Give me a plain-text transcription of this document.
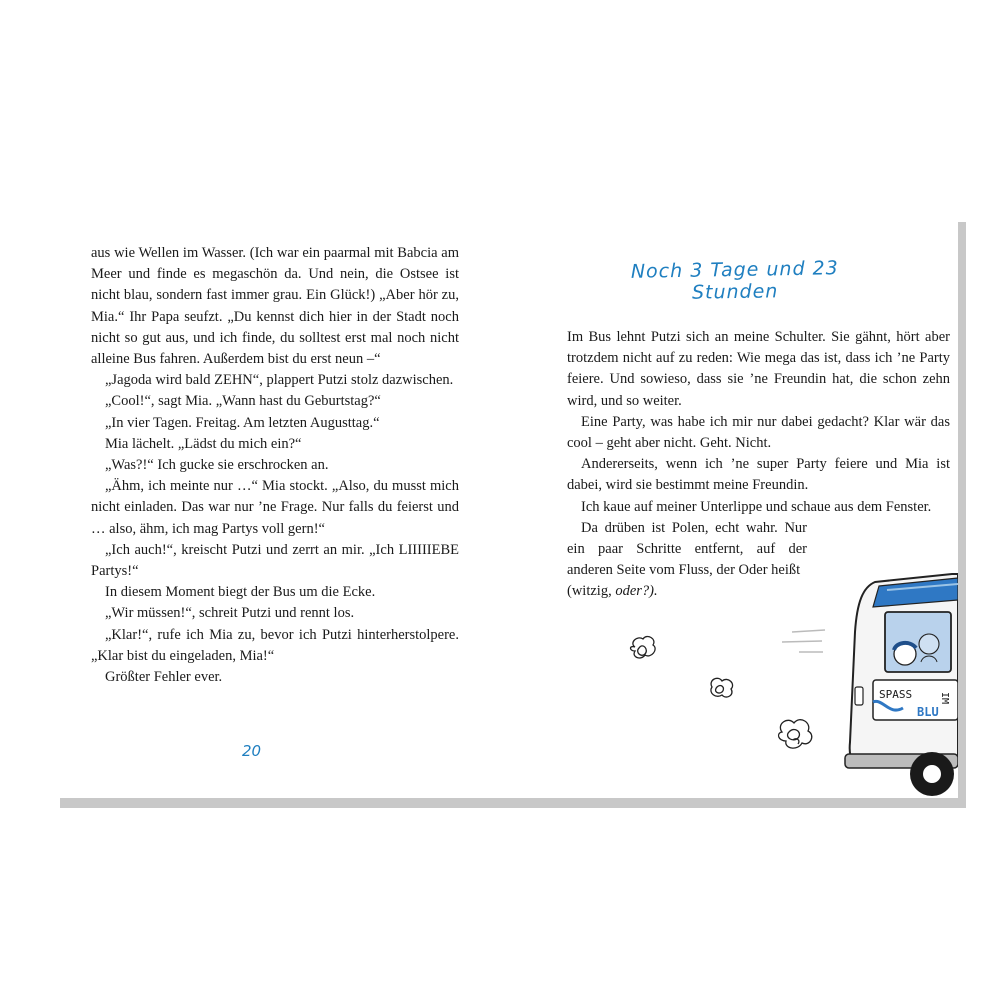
aus wie Wellen im Wasser. (Ich war ein paarmal mit Babcia am Meer und finde es megaschön da. Und nein, die Ostsee ist nicht blau, sondern fast immer grau. Ein Glück!) „Aber hör zu, Mia.“ Ihr Papa seufzt. „Du kennst dich hier in der Stadt noch nicht so gut aus, und ich finde, du solltest erst mal noch nicht alleine Bus fahren. Außerdem bist du erst neun –“

„Jagoda wird bald ZEHN“, plappert Putzi stolz dazwischen.

„Cool!“, sagt Mia. „Wann hast du Geburtstag?“

„In vier Tagen. Freitag. Am letzten Augusttag.“

Mia lächelt. „Lädst du mich ein?“

„Was?!“ Ich gucke sie erschrocken an.

„Ähm, ich meinte nur …“ Mia stockt. „Also, du musst mich nicht einladen. Das war nur ’ne Frage. Nur falls du feierst und … also, ähm, ich mag Partys voll gern!“

„Ich auch!“, kreischt Putzi und zerrt an mir. „Ich LIIIIIEBE Partys!“

In diesem Moment biegt der Bus um die Ecke.

„Wir müssen!“, schreit Putzi und rennt los.

„Klar!“, rufe ich Mia zu, bevor ich Putzi hinterherstolpere. „Klar bist du eingeladen, Mia!“

Größter Fehler ever.

20
Noch 3 Tage und 23 Stunden

Im Bus lehnt Putzi sich an meine Schulter. Sie gähnt, hört aber trotzdem nicht auf zu reden: Wie mega das ist, dass ich ’ne Party feiere. Und sowieso, dass sie ’ne Freundin hat, die schon zehn wird, und so weiter.

Eine Party, was habe ich mir nur dabei gedacht? Klar wär das cool – geht aber nicht. Geht. Nicht.

Andererseits, wenn ich ’ne super Party feiere und Mia ist dabei, wird sie bestimmt meine Freundin.

Ich kaue auf meiner Unterlippe und schaue aus dem Fenster.

Da drüben ist Polen, echt wahr. Nur ein paar Schritte entfernt, auf der anderen Seite vom Fluss, der Oder heißt

(witzig, oder?).

SPASS	IM
BLU
